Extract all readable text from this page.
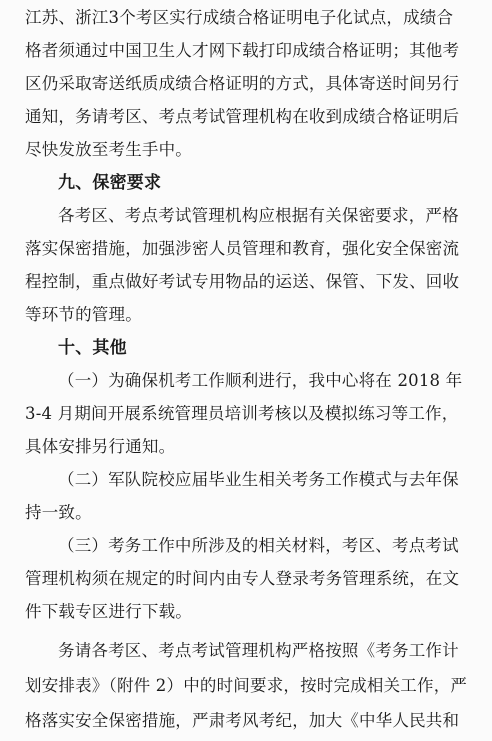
江苏、浙江3个考区实行成绩合格证明电子化试点，成绩合
格者须通过中国卫生人才网下载打印成绩合格证明；其他考
区仍采取寄送纸质成绩合格证明的方式，具体寄送时间另行
通知，务请考区、考点考试管理机构在收到成绩合格证明后
尽快发放至考生手中。
九、保密要求
各考区、考点考试管理机构应根据有关保密要求，严格
落实保密措施，加强涉密人员管理和教育，强化安全保密流
程控制，重点做好考试专用物品的运送、保管、下发、回收
等环节的管理。
十、其他
（一）为确保机考工作顺利进行，我中心将在 2018 年
3-4 月期间开展系统管理员培训考核以及模拟练习等工作，
具体安排另行通知。
（二）军队院校应届毕业生相关考务工作模式与去年保
持一致。
（三）考务工作中所涉及的相关材料，考区、考点考试
管理机构须在规定的时间内由专人登录考务管理系统，在文
件下载专区进行下载。
务请各考区、考点考试管理机构严格按照《考务工作计
划安排表》（附件 2）中的时间要求，按时完成相关工作，严
格落实安全保密措施，严肃考风考纪，加大《中华人民共和
